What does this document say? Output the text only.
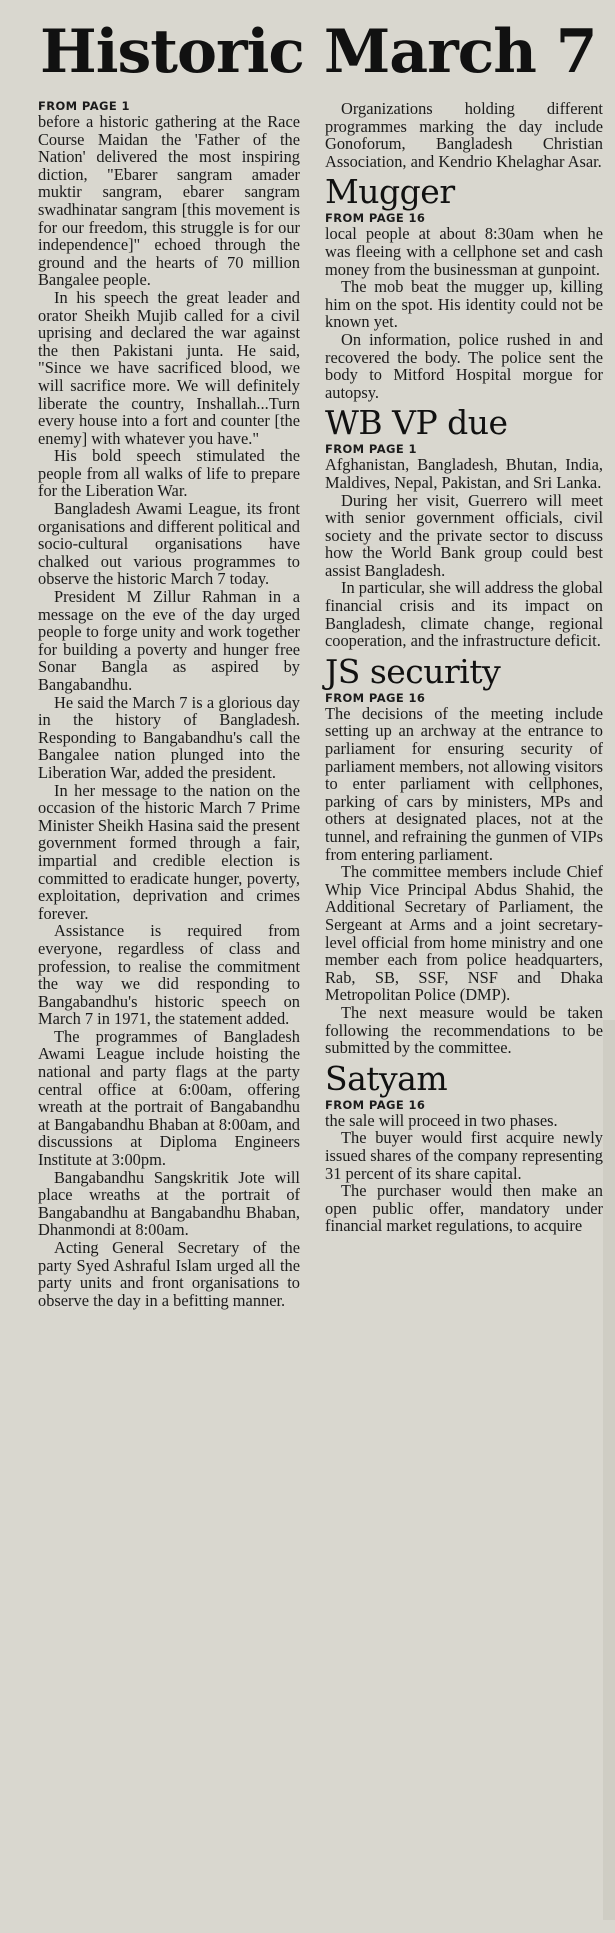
Historic March 7
FROM PAGE 1

before a historic gathering at the Race Course Maidan the 'Father of the Nation' delivered the most inspiring diction, "Ebarer sangram amader muktir sangram, ebarer sangram swadhinatar sangram [this movement is for our freedom, this struggle is for our independence]" echoed through the ground and the hearts of 70 million Bangalee people.

In his speech the great leader and orator Sheikh Mujib called for a civil uprising and declared the war against the then Pakistani junta. He said, "Since we have sacrificed blood, we will sacrifice more. We will definitely liberate the country, Inshallah...Turn every house into a fort and counter [the enemy] with whatever you have."

His bold speech stimulated the people from all walks of life to prepare for the Liberation War.

Bangladesh Awami League, its front organisations and different political and socio-cultural organisations have chalked out various programmes to observe the historic March 7 today.

President M Zillur Rahman in a message on the eve of the day urged people to forge unity and work together for building a poverty and hunger free Sonar Bangla as aspired by Bangabandhu.

He said the March 7 is a glorious day in the history of Bangladesh. Responding to Bangabandhu's call the Bangalee nation plunged into the Liberation War, added the president.

In her message to the nation on the occasion of the historic March 7 Prime Minister Sheikh Hasina said the present government formed through a fair, impartial and credible election is committed to eradicate hunger, poverty, exploitation, deprivation and crimes forever.

Assistance is required from everyone, regardless of class and profession, to realise the commitment the way we did responding to Bangabandhu's historic speech on March 7 in 1971, the statement added.

The programmes of Bangladesh Awami League include hoisting the national and party flags at the party central office at 6:00am, offering wreath at the portrait of Bangabandhu at Bangabandhu Bhaban at 8:00am, and discussions at Diploma Engineers Institute at 3:00pm.

Bangabandhu Sangskritik Jote will place wreaths at the portrait of Bangabandhu at Bangabandhu Bhaban, Dhanmondi at 8:00am.

Acting General Secretary of the party Syed Ashraful Islam urged all the party units and front organisations to observe the day in a befitting manner.

Organizations holding different programmes marking the day include Gonoforum, Bangladesh Christian Association, and Kendrio Khelaghar Asar.

Mugger
FROM PAGE 16

local people at about 8:30am when he was fleeing with a cellphone set and cash money from the businessman at gunpoint.

The mob beat the mugger up, killing him on the spot. His identity could not be known yet.

On information, police rushed in and recovered the body. The police sent the body to Mitford Hospital morgue for autopsy.

WB VP due
FROM PAGE 1

Afghanistan, Bangladesh, Bhutan, India, Maldives, Nepal, Pakistan, and Sri Lanka.

During her visit, Guerrero will meet with senior government officials, civil society and the private sector to discuss how the World Bank group could best assist Bangladesh.

In particular, she will address the global financial crisis and its impact on Bangladesh, climate change, regional cooperation, and the infrastructure deficit.

JS security
FROM PAGE 16

The decisions of the meeting include setting up an archway at the entrance to parliament for ensuring security of parliament members, not allowing visitors to enter parliament with cellphones, parking of cars by ministers, MPs and others at designated places, not at the tunnel, and refraining the gunmen of VIPs from entering parliament.

The committee members include Chief Whip Vice Principal Abdus Shahid, the Additional Secretary of Parliament, the Sergeant at Arms and a joint secretary-level official from home ministry and one member each from police headquarters, Rab, SB, SSF, NSF and Dhaka Metropolitan Police (DMP).

The next measure would be taken following the recommendations to be submitted by the committee.

Satyam
FROM PAGE 16

the sale will proceed in two phases.

The buyer would first acquire newly issued shares of the company representing 31 percent of its share capital.

The purchaser would then make an open public offer, mandatory under financial market regulations, to acquire
